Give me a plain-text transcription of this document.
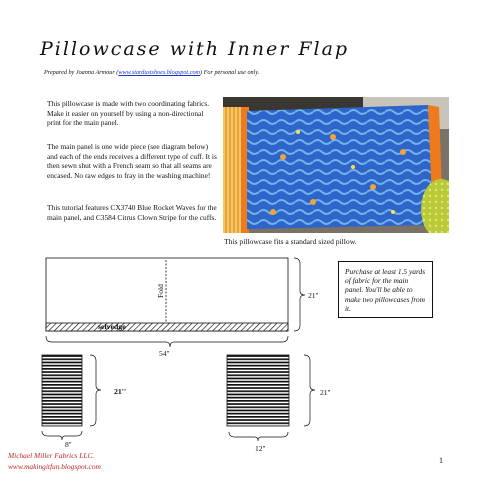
Pillowcase with Inner Flap
Prepared by Joanna Armour (www.stardustshoes.blogspot.com) For personal use only.
This pillowcase is made with two coordinating fabrics. Make it easier on yourself by using a non-directional print for the main panel.
The main panel is one wide piece (see diagram below) and each of the ends receives a different type of cuff. It is then sewn shut with a French seam so that all seams are encased. No raw edges to fray in the washing machine!
This tutorial features CX3740 Blue Rocket Waves for the main panel, and C3584 Citrus Clown Stripe for the cuffs.
This pillowcase fits a standard sized pillow.
Purchase at least 1.5 yards of fabric for the main panel. You'll be able to make two pillowcases from it.
Fold
selvedge
54''
21''
21''
8''
21''
12''
Michael Miller Fabrics LLC.
www.makingitfun.blogspot.com
1
